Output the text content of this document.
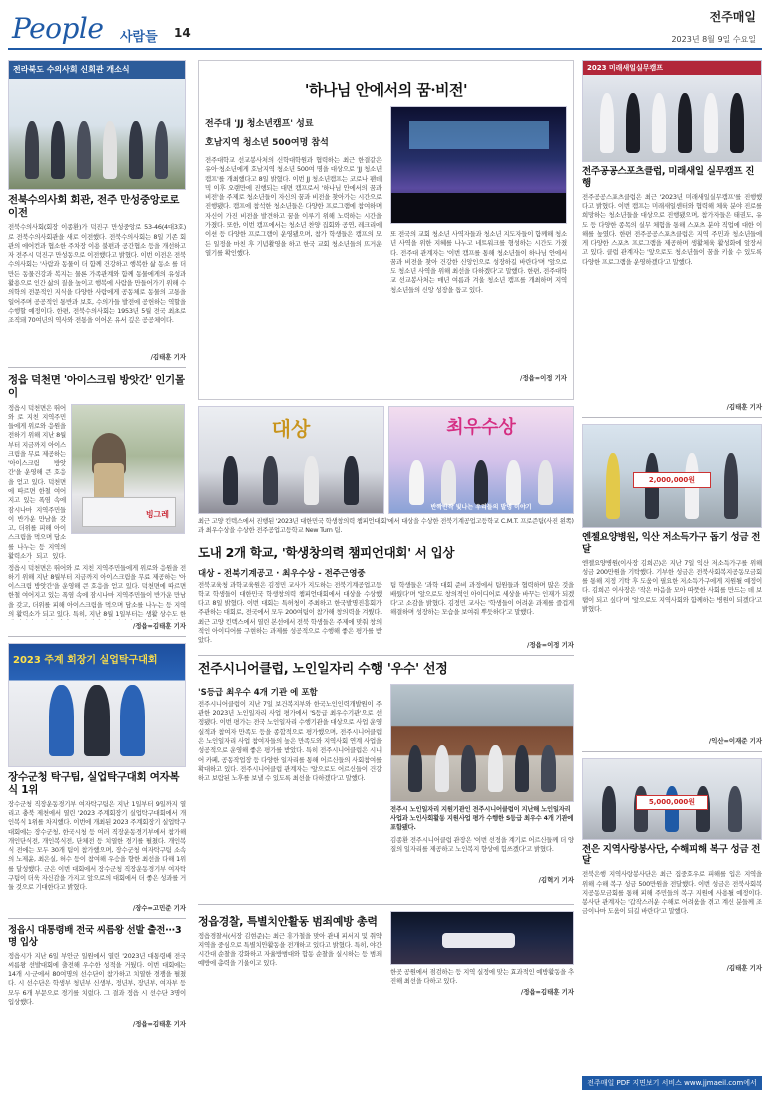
People 사람들 14
전주매일
2023년 8월 9일 수요일
전라북도 수의사회 신회관 개소식
전북수의사회 회관, 전주 만성중앙로로 이전
전북수의사회(회장 이종환)가 덕진구 만성중앙로 53-46(4대3호)로 전북수의사회관을 새로 이전했다. 전북수의사회는 8일 기존 회관의 에어컨과 협소한 주차장 이용 불편과 공간협소 등을 개선하고자 전주시 덕진구 만성동으로 이전했다고 밝혔다. 이번 이전은 전북수의사회는 '사람과 동물이 더 함께 건강하고 행복한 삶 동소 를 더 만든 동물건강과 복지는 물론 가족관계와 함께 동물에게의 유성과 활용으로 인간 삶의 질을 높이고 행복에 사람을 만들어가기 위해 수의학의 전문적인 지식을 다양한 사람에게 공동체로 동물의 고통을 일어주며 공공적인 통반과 보호, 수의가들 발전에 공헌하는 역할을 수행할 예정이다. 한편, 전북수의사회는 1953년 5월 전국 최초로 조직돼 70여년의 역사와 전통을 이어온 유서 깊은 공공체이다.
/김태훈 기자
정읍 덕천면 '아이스크림 방앗간' 인기몰이
정읍시 덕천면은 뛰어와 로 지친 지역주민들에게 위로와 응원을 전하기 위해 지난 8월부터 지금까지 아이스크림을 무료 제공하는 '아이스크림 방앗간'을 운영해 큰 호응을 얻고 있다. 덕천면에 따르면 한철 여어지고 있는 폭염 속에 잠시나마 지역주민들이 반가운 만남을 갖고, 더위를 피해 아이스크림을 먹으며 담소를 나누는 등 지역의 활력소가 되고 있다.
빙그레
정읍시 덕천면은 뛰어와 로 지친 지역주민들에게 위로와 응원을 전하기 위해 지난 8월부터 지금까지 아이스크림을 무료 제공하는 '아이스크림 방앗간'을 운영해 큰 호응을 얻고 있다. 덕천면에 따르면 한철 여어지고 있는 폭염 속에 잠시나마 지역주민들이 반가운 만남을 갖고, 더위를 피해 아이스크림을 먹으며 담소를 나누는 등 지역의 활력소가 되고 있다. 특히, 지난 8월 1일부터는 생활 상수도 한
/정읍=김태훈 기자
2023 주계 회장기 실업탁구대회
장수군청 탁구팀, 실업탁구대회 여자복식 1위
장수군청 직장운동경기부 여자탁구팀은 지난 1일부터 9일까지 열리고 충북 제천에서 열린 '2023 주계회장기 실업탁구대회에서 개인복식 1위를 차지했다. 이번에 개최된 2023 주계회장기 실업탁구대회에는 장수군청, 한국시청 등 여러 직장운동경기부에서 참가해 개인단식전, 개인복식전, 단체전 등 치열한 경기를 펼쳤다. 개인복식 전에는 모두 30개 팀이 참가했으며, 장수군청 여자탁구팀 소속의 노제윤, 최은실, 허수 등이 참여해 우승을 향한 최선을 다해 1위를 달성했다. 군은 이번 대회에서 장수군청 직장운동경기부 여자탁구팀이 더욱 자신감을 가지고 앞으로의 대회에서 더 좋은 성과를 거둘 것으로 기대한다고 밝혔다.
/장수=고민준 기자
정읍시 대통령배 전국 씨름왕 선발 출전···3명 입상
정읍시가 지난 6일 부안군 일원에서 열린 '2023년 대통령배 전국씨름왕 선발대회에 출전해 우수한 성적을 거뒀다. 이번 대회에는 14개 시·군에서 80여명의 선수단이 참가하고 치열한 경쟁을 펼쳤다. 시 선수단은 학생부 청년부 신생부, 정년부, 장년부, 여자부 등 모두 6개 부문으로 경기를 치렀다. 그 결과 정읍 시 선수단 3명이 입상했다.
/정읍=김태훈 기자
'하나님 안에서의 꿈·비전'
전주대 'JJ 청소년캠프' 성료
호남지역 청소년 500여명 참석
전주대학교 선교봉사처의 신학대학원과 협력하는 최근 한결같은 유아·청소년에게 호남지역 청소년 500여 명을 대상으로 'JJ 청소년캠프'를 개최했다고 8일 밝혔다. 이번 JJ 청소년캠프는 코로나 팬데믹 이후 오랜만에 진행되는 대면 캠프로서 '하나님 안에서의 꿈과 비전'을 주제로 청소년들이 자신의 꿈과 비전을 찾아가는 시간으로 진행됐다. 캠프에 참석한 청소년들은 다양한 프로그램에 참여하며 자신이 가진 비전을 발견하고 꿈을 이루기 위해 노력하는 시간을 가졌다. 또한, 이번 캠프에서는 청소년 찬양 집회와 공연, 레크리에이션 등 다양한 프로그램이 운영됐으며, 참가 학생들은 캠프의 모든 일정을 마친 후 기념촬영을 하고 한국 교회 청소년들의 뜨거운 열기를 확인했다.
또 전국의 교회 청소년 사역자들과 청소년 지도자들이 함께해 청소년 사역을 위한 지혜를 나누고 네트워크를 형성하는 시간도 가졌다. 전주대 관계자는 '이번 캠프를 통해 청소년들이 하나님 안에서 꿈과 비전을 찾아 건강한 신앙인으로 성장하길 바란다'며 '앞으로도 청소년 사역을 위해 최선을 다하겠다'고 말했다. 한편, 전주대학교 선교봉사처는 매년 여름과 겨울 청소년 캠프를 개최하며 지역 청소년들의 신앙 성장을 돕고 있다.
/정읍=이정 기자
대상	최우수상
반짝반짝 빛나는 우리들의 발명 이야기
최근 고양 킨텍스에서 진행된 '2023년 대한민국 학생창의력 챔피언대회'에서 대상을 수상한 전북기계공업고등학교 C.M.T. 프로즌팀(사진 왼쪽)과 최우수상을 수상한 전주공업고등학교 New Turn 팀.
도내 2개 학교, '학생창의력 챔피언대회' 서 입상
대상 - 전북기계공고 · 최우수상 - 전주근영중
전북교육청 과학교육원은 김정민 교사가 지도하는 전북기계공업고등학교 학생들이 대한민국 학생창의력 챔피언대회에서 대상을 수상했다고 8일 밝혔다. 이번 대회는 특허청이 주최하고 한국발명진흥회가 주관하는 대회로, 전국에서 모두 200여팀이 참가해 창의력을 겨뤘다. 최근 고양 킨텍스에서 열린 본선에서 전북 학생들은 주제에 맞춰 창의적인 아이디어를 구현하는 과제를 성공적으로 수행해 좋은 평가를 받았다.
팀 학생들은 '과학 대회 준비 과정에서 팀원들과 협력하며 많은 것을 배웠다'며 '앞으로도 창의적인 아이디어로 세상을 바꾸는 인재가 되겠다'고 소감을 밝혔다. 김정민 교사는 '학생들이 어려운 과제를 즐겁게 해결하며 성장하는 모습을 보여줘 뿌듯하다'고 말했다.
/정읍=이정 기자
전주시니어클럽, 노인일자리 수행 '우수' 선정
'S등급 최우수 4개 기관 에 포함
전주시니어클럽이 지난 7일 보건복지부와 한국노인인력개발원이 주관한 2023년 노인일자리 사업 평가에서 'S등급 최우수기관'으로 선정됐다. 이번 평가는 전국 노인일자리 수행기관을 대상으로 사업 운영 실적과 참여자 만족도 등을 종합적으로 평가했으며, 전주시니어클럽은 노인일자리 사업 참여자들의 높은 만족도와 지역사회 연계 사업을 성공적으로 운영해 좋은 평가를 받았다. 특히 전주시니어클럽은 시니어 카페, 공동작업장 등 다양한 일자리를 통해 어르신들의 사회참여를 확대하고 있다. 전주시니어클럽 관계자는 '앞으로도 어르신들이 건강하고 보람된 노후를 보낼 수 있도록 최선을 다하겠다'고 말했다.
전주시 노인일자리 지원기관인 전주시니어클럽이 지난해 노인일자리 사업과 노인사회활동 지원사업 평가 수행한 S등급 최우수 4개 기관에 포함됐다.
김종환 전주시니어클럽 관장은 '이번 선정을 계기로 어르신들께 더 양질의 일자리를 제공하고 노인복지 향상에 힘쓰겠다'고 밝혔다.
/김혁기 기자
정읍경찰, 특별치안활동 범죄예방 총력
정읍경찰서(서장 김현준)는 최근 휴가철을 맞아 관내 피서지 및 취약지역을 중심으로 특별치안활동을 전개하고 있다고 밝혔다. 특히, 야간 시간대 순찰을 강화하고 자율방범대와 합동 순찰을 실시하는 등 범죄예방에 총력을 기울이고 있다.
한곳 공원에서 점검하는 등 지역 실정에 맞는 효과적인 예방활동을 추진해 최선을 다하고 있다.
/정읍=김태훈 기자
2023 미래새일실무캠프
전주공공스포츠클럽, 미래새일 실무캠프 진행
전주공공스포츠클럽은 최근 '2023년 미래새일실무캠프'를 진행했다고 밝혔다. 이번 캠프는 미래새일센터와 협력해 체육 분야 진로를 희망하는 청소년들을 대상으로 진행됐으며, 참가자들은 태권도, 유도 등 다양한 종목의 실무 체험을 통해 스포츠 분야 직업에 대한 이해를 높였다. 한편 전주공공스포츠클럽은 지역 주민과 청소년들에게 다양한 스포츠 프로그램을 제공하며 생활체육 활성화에 앞장서고 있다. 클럽 관계자는 '앞으로도 청소년들이 꿈을 키울 수 있도록 다양한 프로그램을 운영하겠다'고 말했다.
/김태훈 기자
2,000,000원
엔젤요양병원, 익산 저소득가구 돕기 성금 전달
엔젤요양병원(이사장 김희곤)은 지난 7일 익산 저소득가구를 위해 성금 200만원을 기탁했다. 기부한 성금은 전북사회복지공동모금회를 통해 지정 기탁 후 도움이 필요한 저소득가구에게 지원될 예정이다. 김희곤 이사장은 '작은 마음을 모아 따뜻한 사회를 만드는 데 보탬이 되고 싶다'며 '앞으로도 지역사회와 함께하는 병원이 되겠다'고 밝혔다.
/익산=이재준 기자
5,000,000원
전은 지역사랑봉사단, 수해피해 복구 성금 전달
전북은행 지역사랑봉사단은 최근 집중호우로 피해를 입은 지역을 위해 수해 복구 성금 500만원을 전달했다. 이번 성금은 전북사회복지공동모금회를 통해 피해 주민들의 복구 지원에 사용될 예정이다. 봉사단 관계자는 '갑작스러운 수해로 어려움을 겪고 계신 분들께 조금이나마 도움이 되길 바란다'고 말했다.
/김태훈 기자
전주매일 PDF 지면보기 서비스 www.jjmaeil.com에서
